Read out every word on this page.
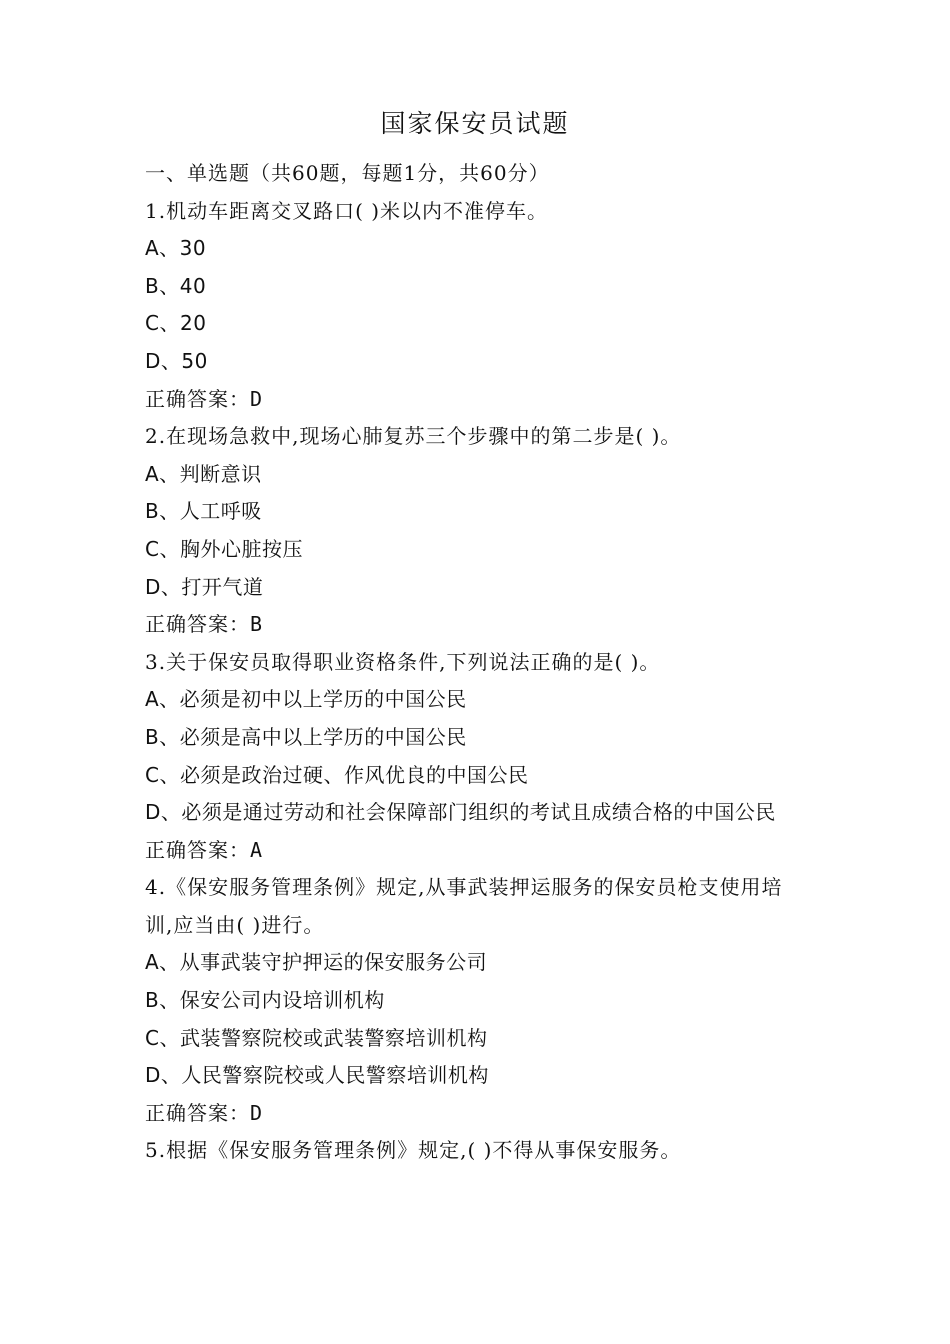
国家保安员试题
一、单选题（共60题，每题1分，共60分）
1.机动车距离交叉路口( )米以内不准停车。
A、30
B、40
C、20
D、50
正确答案：D
2.在现场急救中,现场心肺复苏三个步骤中的第二步是( )。
A、判断意识
B、人工呼吸
C、胸外心脏按压
D、打开气道
正确答案：B
3.关于保安员取得职业资格条件,下列说法正确的是( )。
A、必须是初中以上学历的中国公民
B、必须是高中以上学历的中国公民
C、必须是政治过硬、作风优良的中国公民
D、必须是通过劳动和社会保障部门组织的考试且成绩合格的中国公民
正确答案：A
4.《保安服务管理条例》规定,从事武装押运服务的保安员枪支使用培训,应当由( )进行。
A、从事武装守护押运的保安服务公司
B、保安公司内设培训机构
C、武装警察院校或武装警察培训机构
D、人民警察院校或人民警察培训机构
正确答案：D
5.根据《保安服务管理条例》规定,( )不得从事保安服务。
